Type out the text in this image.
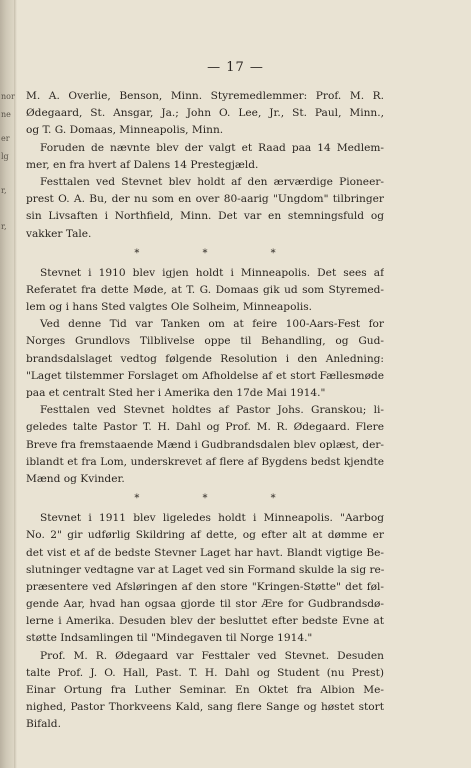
nor
ne
er
lg
r,
r,
— 17 —
M. A. Overlie, Benson, Minn. Styremedlemmer: Prof. M. R.
Ødegaard, St. Ansgar, Ja.; John O. Lee, Jr., St. Paul, Minn.,
og T. G. Domaas, Minneapolis, Minn.
Foruden de nævnte blev der valgt et Raad paa 14 Medlem-
mer, en fra hvert af Dalens 14 Prestegjæld.
Festtalen ved Stevnet blev holdt af den ærværdige Pioneer-
prest O. A. Bu, der nu som en over 80-aarig "Ungdom" tilbringer
sin Livsaften i Northfield, Minn. Det var en stemningsfuld og
vakker Tale.
* * *
Stevnet i 1910 blev igjen holdt i Minneapolis. Det sees af
Referatet fra dette Møde, at T. G. Domaas gik ud som Styremed-
lem og i hans Sted valgtes Ole Solheim, Minneapolis.
Ved denne Tid var Tanken om at feire 100-Aars-Fest for
Norges Grundlovs Tilblivelse oppe til Behandling, og Gud-
brandsdalslaget vedtog følgende Resolution i den Anledning:
"Laget tilstemmer Forslaget om Afholdelse af et stort Fællesmøde
paa et centralt Sted her i Amerika den 17de Mai 1914."
Festtalen ved Stevnet holdtes af Pastor Johs. Granskou; li-
geledes talte Pastor T. H. Dahl og Prof. M. R. Ødegaard. Flere
Breve fra fremstaaende Mænd i Gudbrandsdalen blev oplæst, der-
iblandt et fra Lom, underskrevet af flere af Bygdens bedst kjendte
Mænd og Kvinder.
* * *
Stevnet i 1911 blev ligeledes holdt i Minneapolis. "Aarbog
No. 2" gir udførlig Skildring af dette, og efter alt at dømme er
det vist et af de bedste Stevner Laget har havt. Blandt vigtige Be-
slutninger vedtagne var at Laget ved sin Formand skulde la sig re-
præsentere ved Afsløringen af den store "Kringen-Støtte" det føl-
gende Aar, hvad han ogsaa gjorde til stor Ære for Gudbrandsdø-
lerne i Amerika. Desuden blev der besluttet efter bedste Evne at
støtte Indsamlingen til "Mindegaven til Norge 1914."
Prof. M. R. Ødegaard var Festtaler ved Stevnet. Desuden
talte Prof. J. O. Hall, Past. T. H. Dahl og Student (nu Prest)
Einar Ortung fra Luther Seminar. En Oktet fra Albion Me-
nighed, Pastor Thorkveens Kald, sang flere Sange og høstet stort
Bifald.
